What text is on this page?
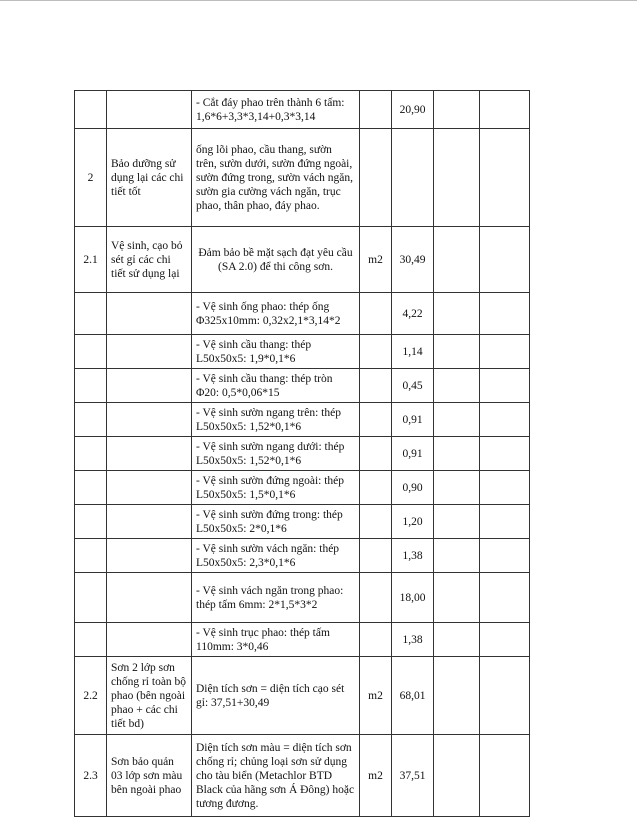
		- Cắt đáy phao trên thành 6 tấm: 1,6*6+3,3*3,14+0,3*3,14		20,90		
2	Bảo dưỡng sử dụng lại các chi tiết tốt	ống lõi phao, cầu thang, sườn trên, sườn dưới, sườn đứng ngoài, sườn đứng trong, sườn vách ngăn, sườn gia cường vách ngăn, trục phao, thân phao, đáy phao.				
2.1	Vệ sinh, cạo bỏ sét gỉ các chi tiết sử dụng lại	Đảm bảo bề mặt sạch đạt yêu cầu (SA 2.0) để thi công sơn.	m2	30,49		
		- Vệ sinh ống phao: thép ống Φ325x10mm: 0,32x2,1*3,14*2		4,22		
		- Vệ sinh cầu thang: thép L50x50x5: 1,9*0,1*6		1,14		
		- Vệ sinh cầu thang: thép tròn Φ20: 0,5*0,06*15		0,45		
		- Vệ sinh sườn ngang trên: thép L50x50x5: 1,52*0,1*6		0,91		
		- Vệ sinh sườn ngang dưới: thép L50x50x5: 1,52*0,1*6		0,91		
		- Vệ sinh sườn đứng ngoài: thép L50x50x5: 1,5*0,1*6		0,90		
		- Vệ sinh sườn đứng trong: thép L50x50x5: 2*0,1*6		1,20		
		- Vệ sinh sườn vách ngăn: thép L50x50x5: 2,3*0,1*6		1,38		
		- Vệ sinh vách ngăn trong phao: thép tấm 6mm: 2*1,5*3*2		18,00		
		- Vệ sinh trục phao: thép tấm 110mm: 3*0,46		1,38		
2.2	Sơn 2 lớp sơn chống rỉ toàn bộ phao (bên ngoài phao + các chi tiết bd)	Diện tích sơn = diện tích cạo sét gỉ: 37,51+30,49	m2	68,01		
2.3	Sơn bảo quản 03 lớp sơn màu bên ngoài phao	Diện tích sơn màu = diện tích sơn chống rỉ; chủng loại sơn sử dụng cho tàu biển (Metachlor BTD Black của hãng sơn Á Đông) hoặc tương đương.	m2	37,51		
